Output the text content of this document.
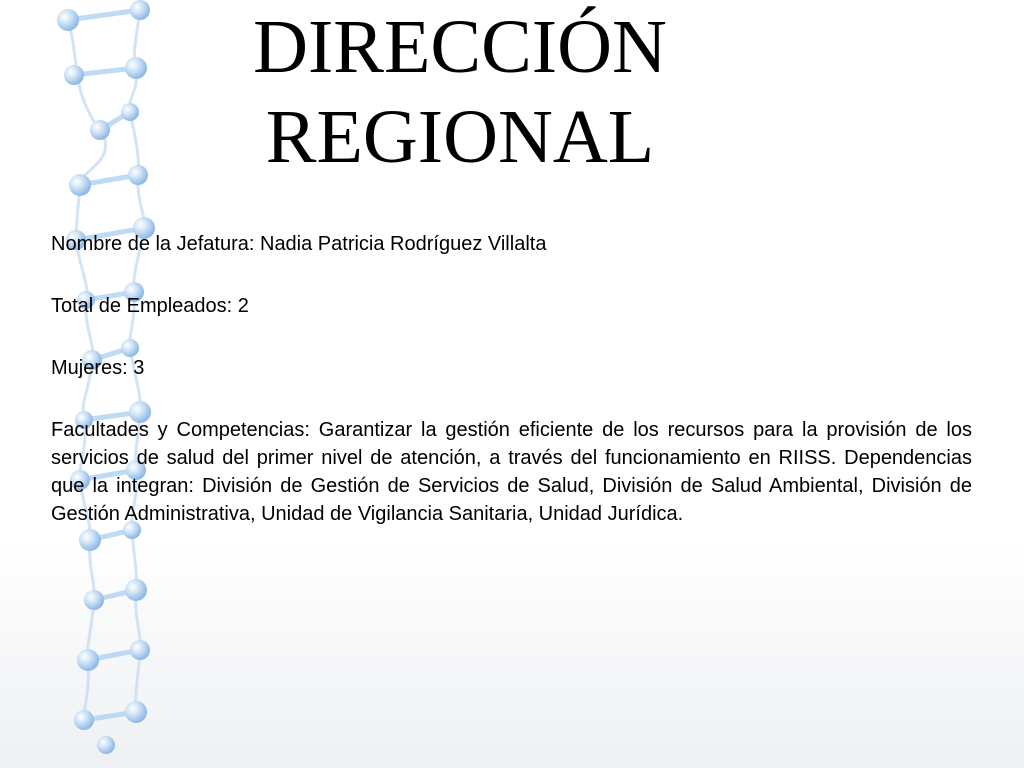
DIRECCIÓN
REGIONAL

Nombre de la Jefatura: Nadia Patricia Rodríguez Villalta

Total de Empleados: 2

Mujeres: 3

Facultades y Competencias: Garantizar la gestión eficiente de los recursos para la provisión de los servicios de salud del primer nivel de atención, a través del funcionamiento en RIISS. Dependencias que la integran: División de Gestión de Servicios de Salud, División de Salud Ambiental, División de Gestión Administrativa, Unidad de Vigilancia Sanitaria, Unidad Jurídica.
